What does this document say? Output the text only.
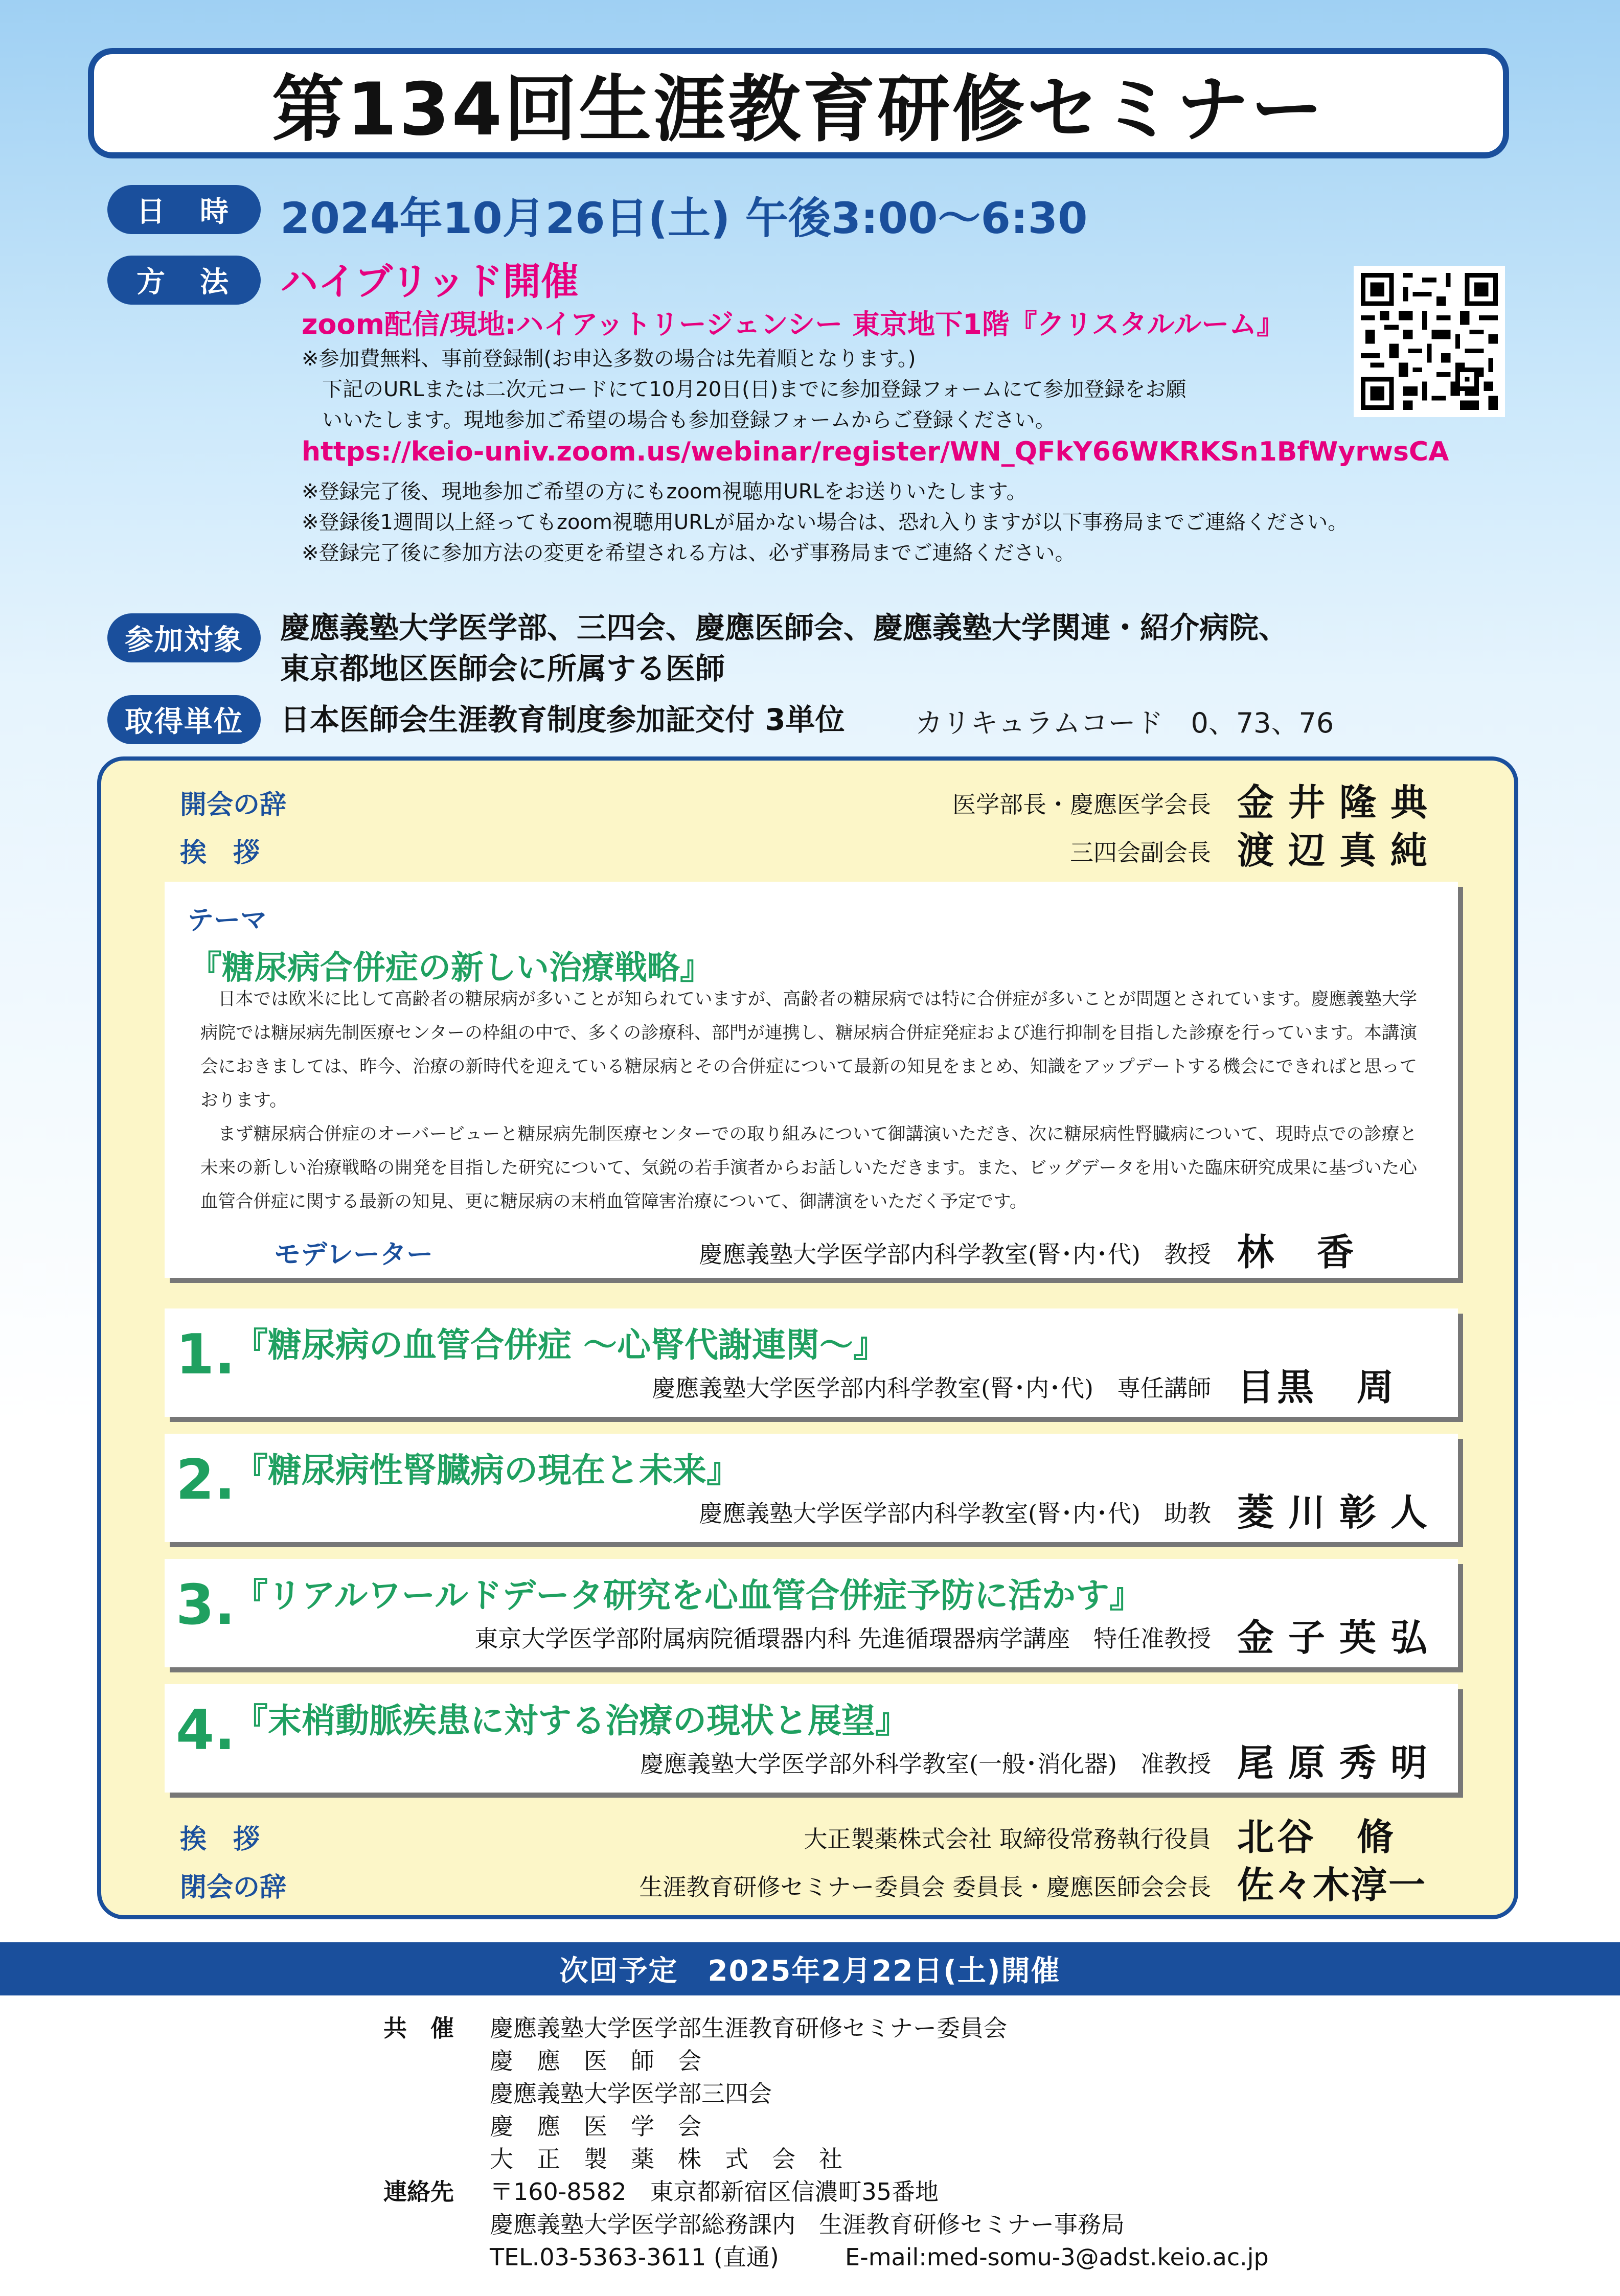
第134回生涯教育研修セミナー
日　時	2024年10月26日(土) 午後3:00〜6:30
方　法	ハイブリッド開催
zoom配信/現地:ハイアットリージェンシー 東京地下1階『クリスタルルーム』
※参加費無料、事前登録制(お申込多数の場合は先着順となります。)
　下記のURLまたは二次元コードにて10月20日(日)までに参加登録フォームにて参加登録をお願
　いいたします。現地参加ご希望の場合も参加登録フォームからご登録ください。
https://keio-univ.zoom.us/webinar/register/WN_QFkY66WKRKSn1BfWyrwsCA
※登録完了後、現地参加ご希望の方にもzoom視聴用URLをお送りいたします。
※登録後1週間以上経ってもzoom視聴用URLが届かない場合は、恐れ入りますが以下事務局までご連絡ください。
※登録完了後に参加方法の変更を希望される方は、必ず事務局までご連絡ください。
参加対象	慶應義塾大学医学部、三四会、慶應医師会、慶應義塾大学関連・紹介病院、
東京都地区医師会に所属する医師
取得単位	日本医師会生涯教育制度参加証交付 3単位	カリキュラムコード　0、73、76
開会の辞	医学部長・慶應医学会長 金井隆典
挨　拶	三四会副会長 渡辺真純
テーマ
『糖尿病合併症の新しい治療戦略』

日本では欧米に比して高齢者の糖尿病が多いことが知られていますが、高齢者の糖尿病では特に合併症が多いことが問題とされています。慶應義塾大学病院では糖尿病先制医療センターの枠組の中で、多くの診療科、部門が連携し、糖尿病合併症発症および進行抑制を目指した診療を行っています。本講演会におきましては、昨今、治療の新時代を迎えている糖尿病とその合併症について最新の知見をまとめ、知識をアップデートする機会にできればと思っております。

まず糖尿病合併症のオーバービューと糖尿病先制医療センターでの取り組みについて御講演いただき、次に糖尿病性腎臓病について、現時点での診療と未来の新しい治療戦略の開発を目指した研究について、気鋭の若手演者からお話しいただきます。また、ビッグデータを用いた臨床研究成果に基づいた心血管合併症に関する最新の知見、更に糖尿病の末梢血管障害治療について、御講演をいただく予定です。

モデレーター	慶應義塾大学医学部内科学教室(腎･内･代)　教授 林　香
1.
『糖尿病の血管合併症 〜心腎代謝連関〜』
慶應義塾大学医学部内科学教室(腎･内･代)　専任講師 目黒　周
2.
『糖尿病性腎臓病の現在と未来』
慶應義塾大学医学部内科学教室(腎･内･代)　助教 菱川彰人
3.
『リアルワールドデータ研究を心血管合併症予防に活かす』
東京大学医学部附属病院循環器内科 先進循環器病学講座　特任准教授 金子英弘
4.
『末梢動脈疾患に対する治療の現状と展望』
慶應義塾大学医学部外科学教室(一般･消化器)　准教授 尾原秀明
挨　拶	大正製薬株式会社 取締役常務執行役員 北谷　脩
閉会の辞	生涯教育研修セミナー委員会 委員長・慶應医師会会長 佐々木淳一
次回予定　2025年2月22日(土)開催
共　催 慶應義塾大学医学部生涯教育研修セミナー委員会
慶　應　医　師　会
慶應義塾大学医学部三四会
慶　應　医　学　会
大　正　製　薬　株　式　会　社
連絡先 〒160-8582　東京都新宿区信濃町35番地
慶應義塾大学医学部総務課内　生涯教育研修セミナー事務局
TEL.03-5363-3611 (直通)	E-mail:med-somu-3@adst.keio.ac.jp
